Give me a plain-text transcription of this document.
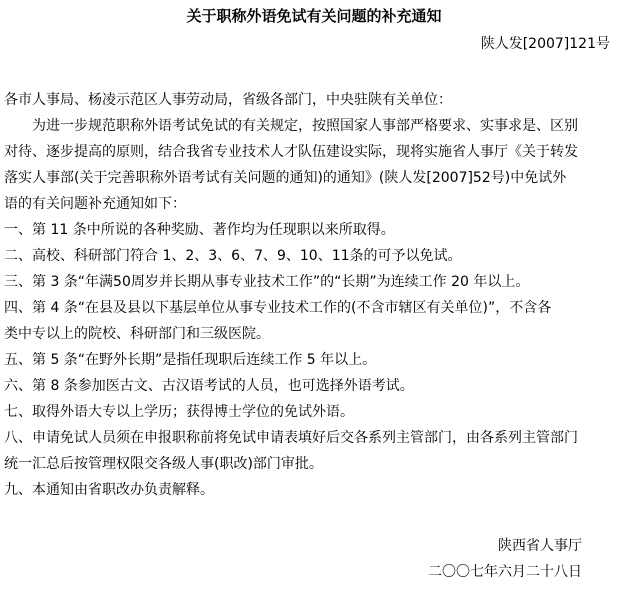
关于职称外语免试有关问题的补充通知
陕人发[2007]121号
各市人事局、杨凌示范区人事劳动局，省级各部门，中央驻陕有关单位：
为进一步规范职称外语考试免试的有关规定，按照国家人事部严格要求、实事求是、区别
对待、逐步提高的原则，结合我省专业技术人才队伍建设实际，现将实施省人事厅《关于转发
落实人事部(关于完善职称外语考试有关问题的通知)的通知》(陕人发[2007]52号)中免试外
语的有关问题补充通知如下：
一、第 11 条中所说的各种奖励、著作均为任现职以来所取得。
二、高校、科研部门符合 1、2、3、6、7、9、10、11条的可予以免试。
三、第 3 条“年满50周岁并长期从事专业技术工作”的“长期”为连续工作 20 年以上。
四、第 4 条“在县及县以下基层单位从事专业技术工作的(不含市辖区有关单位)”，不含各
类中专以上的院校、科研部门和三级医院。
五、第 5 条“在野外长期”是指任现职后连续工作 5 年以上。
六、第 8 条参加医古文、古汉语考试的人员，也可选择外语考试。
七、取得外语大专以上学历；获得博士学位的免试外语。
八、申请免试人员须在申报职称前将免试申请表填好后交各系列主管部门，由各系列主管部门
统一汇总后按管理权限交各级人事(职改)部门审批。
九、本通知由省职改办负责解释。
陕西省人事厅
二〇〇七年六月二十八日
